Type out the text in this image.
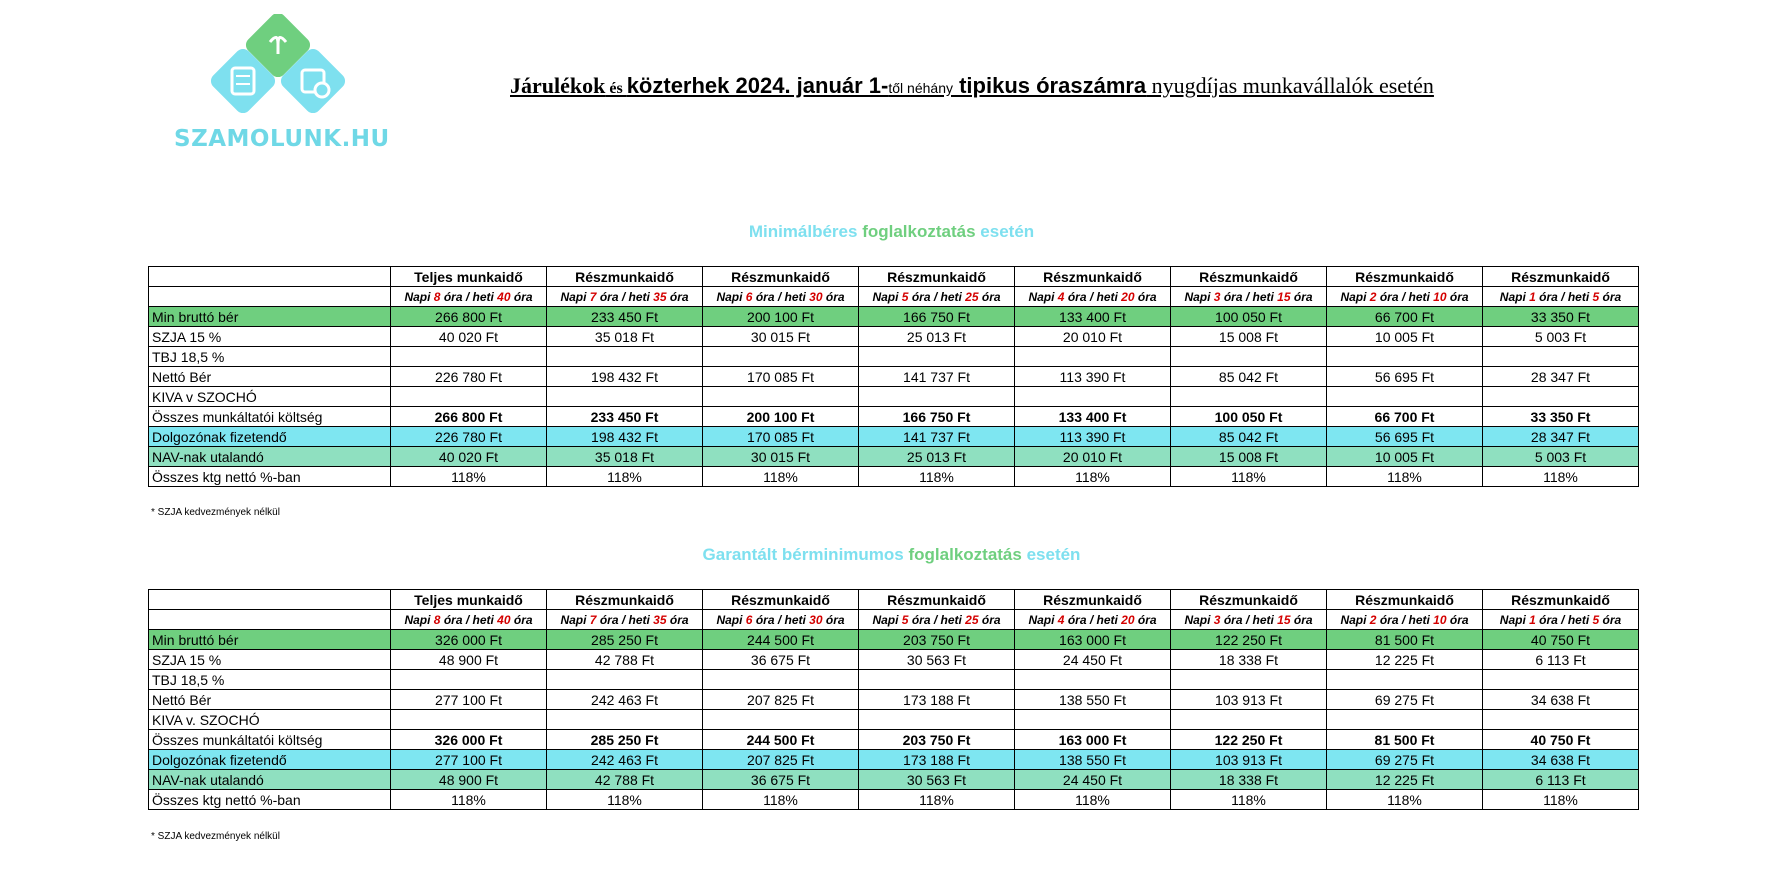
SZAMOLUNK.HU
Járulékok és közterhek 2024. január 1-től néhány tipikus óraszámra nyugdíjas munkavállalók esetén
Minimálbéres foglalkoztatás esetén
	Teljes munkaidő	Részmunkaidő	Részmunkaidő	Részmunkaidő	Részmunkaidő	Részmunkaidő	Részmunkaidő	Részmunkaidő
	Napi 8 óra / heti 40 óra	Napi 7 óra / heti 35 óra	Napi 6 óra / heti 30 óra	Napi 5 óra / heti 25 óra	Napi 4 óra / heti 20 óra	Napi 3 óra / heti 15 óra	Napi 2 óra / heti 10 óra	Napi 1 óra / heti 5 óra
Min bruttó bér	266 800 Ft	233 450 Ft	200 100 Ft	166 750 Ft	133 400 Ft	100 050 Ft	66 700 Ft	33 350 Ft
SZJA 15 %	40 020 Ft	35 018 Ft	30 015 Ft	25 013 Ft	20 010 Ft	15 008 Ft	10 005 Ft	5 003 Ft
TBJ 18,5 %								
Nettó Bér	226 780 Ft	198 432 Ft	170 085 Ft	141 737 Ft	113 390 Ft	85 042 Ft	56 695 Ft	28 347 Ft
KIVA v SZOCHÓ								
Összes munkáltatói költség	266 800 Ft	233 450 Ft	200 100 Ft	166 750 Ft	133 400 Ft	100 050 Ft	66 700 Ft	33 350 Ft
Dolgozónak fizetendő	226 780 Ft	198 432 Ft	170 085 Ft	141 737 Ft	113 390 Ft	85 042 Ft	56 695 Ft	28 347 Ft
NAV-nak utalandó	40 020 Ft	35 018 Ft	30 015 Ft	25 013 Ft	20 010 Ft	15 008 Ft	10 005 Ft	5 003 Ft
Összes ktg nettó %-ban	118%	118%	118%	118%	118%	118%	118%	118%
* SZJA kedvezmények nélkül
Garantált bérminimumos foglalkoztatás esetén
	Teljes munkaidő	Részmunkaidő	Részmunkaidő	Részmunkaidő	Részmunkaidő	Részmunkaidő	Részmunkaidő	Részmunkaidő
	Napi 8 óra / heti 40 óra	Napi 7 óra / heti 35 óra	Napi 6 óra / heti 30 óra	Napi 5 óra / heti 25 óra	Napi 4 óra / heti 20 óra	Napi 3 óra / heti 15 óra	Napi 2 óra / heti 10 óra	Napi 1 óra / heti 5 óra
Min bruttó bér	326 000 Ft	285 250 Ft	244 500 Ft	203 750 Ft	163 000 Ft	122 250 Ft	81 500 Ft	40 750 Ft
SZJA 15 %	48 900 Ft	42 788 Ft	36 675 Ft	30 563 Ft	24 450 Ft	18 338 Ft	12 225 Ft	6 113 Ft
TBJ 18,5 %								
Nettó Bér	277 100 Ft	242 463 Ft	207 825 Ft	173 188 Ft	138 550 Ft	103 913 Ft	69 275 Ft	34 638 Ft
KIVA v. SZOCHÓ								
Összes munkáltatói költség	326 000 Ft	285 250 Ft	244 500 Ft	203 750 Ft	163 000 Ft	122 250 Ft	81 500 Ft	40 750 Ft
Dolgozónak fizetendő	277 100 Ft	242 463 Ft	207 825 Ft	173 188 Ft	138 550 Ft	103 913 Ft	69 275 Ft	34 638 Ft
NAV-nak utalandó	48 900 Ft	42 788 Ft	36 675 Ft	30 563 Ft	24 450 Ft	18 338 Ft	12 225 Ft	6 113 Ft
Összes ktg nettó %-ban	118%	118%	118%	118%	118%	118%	118%	118%
* SZJA kedvezmények nélkül
